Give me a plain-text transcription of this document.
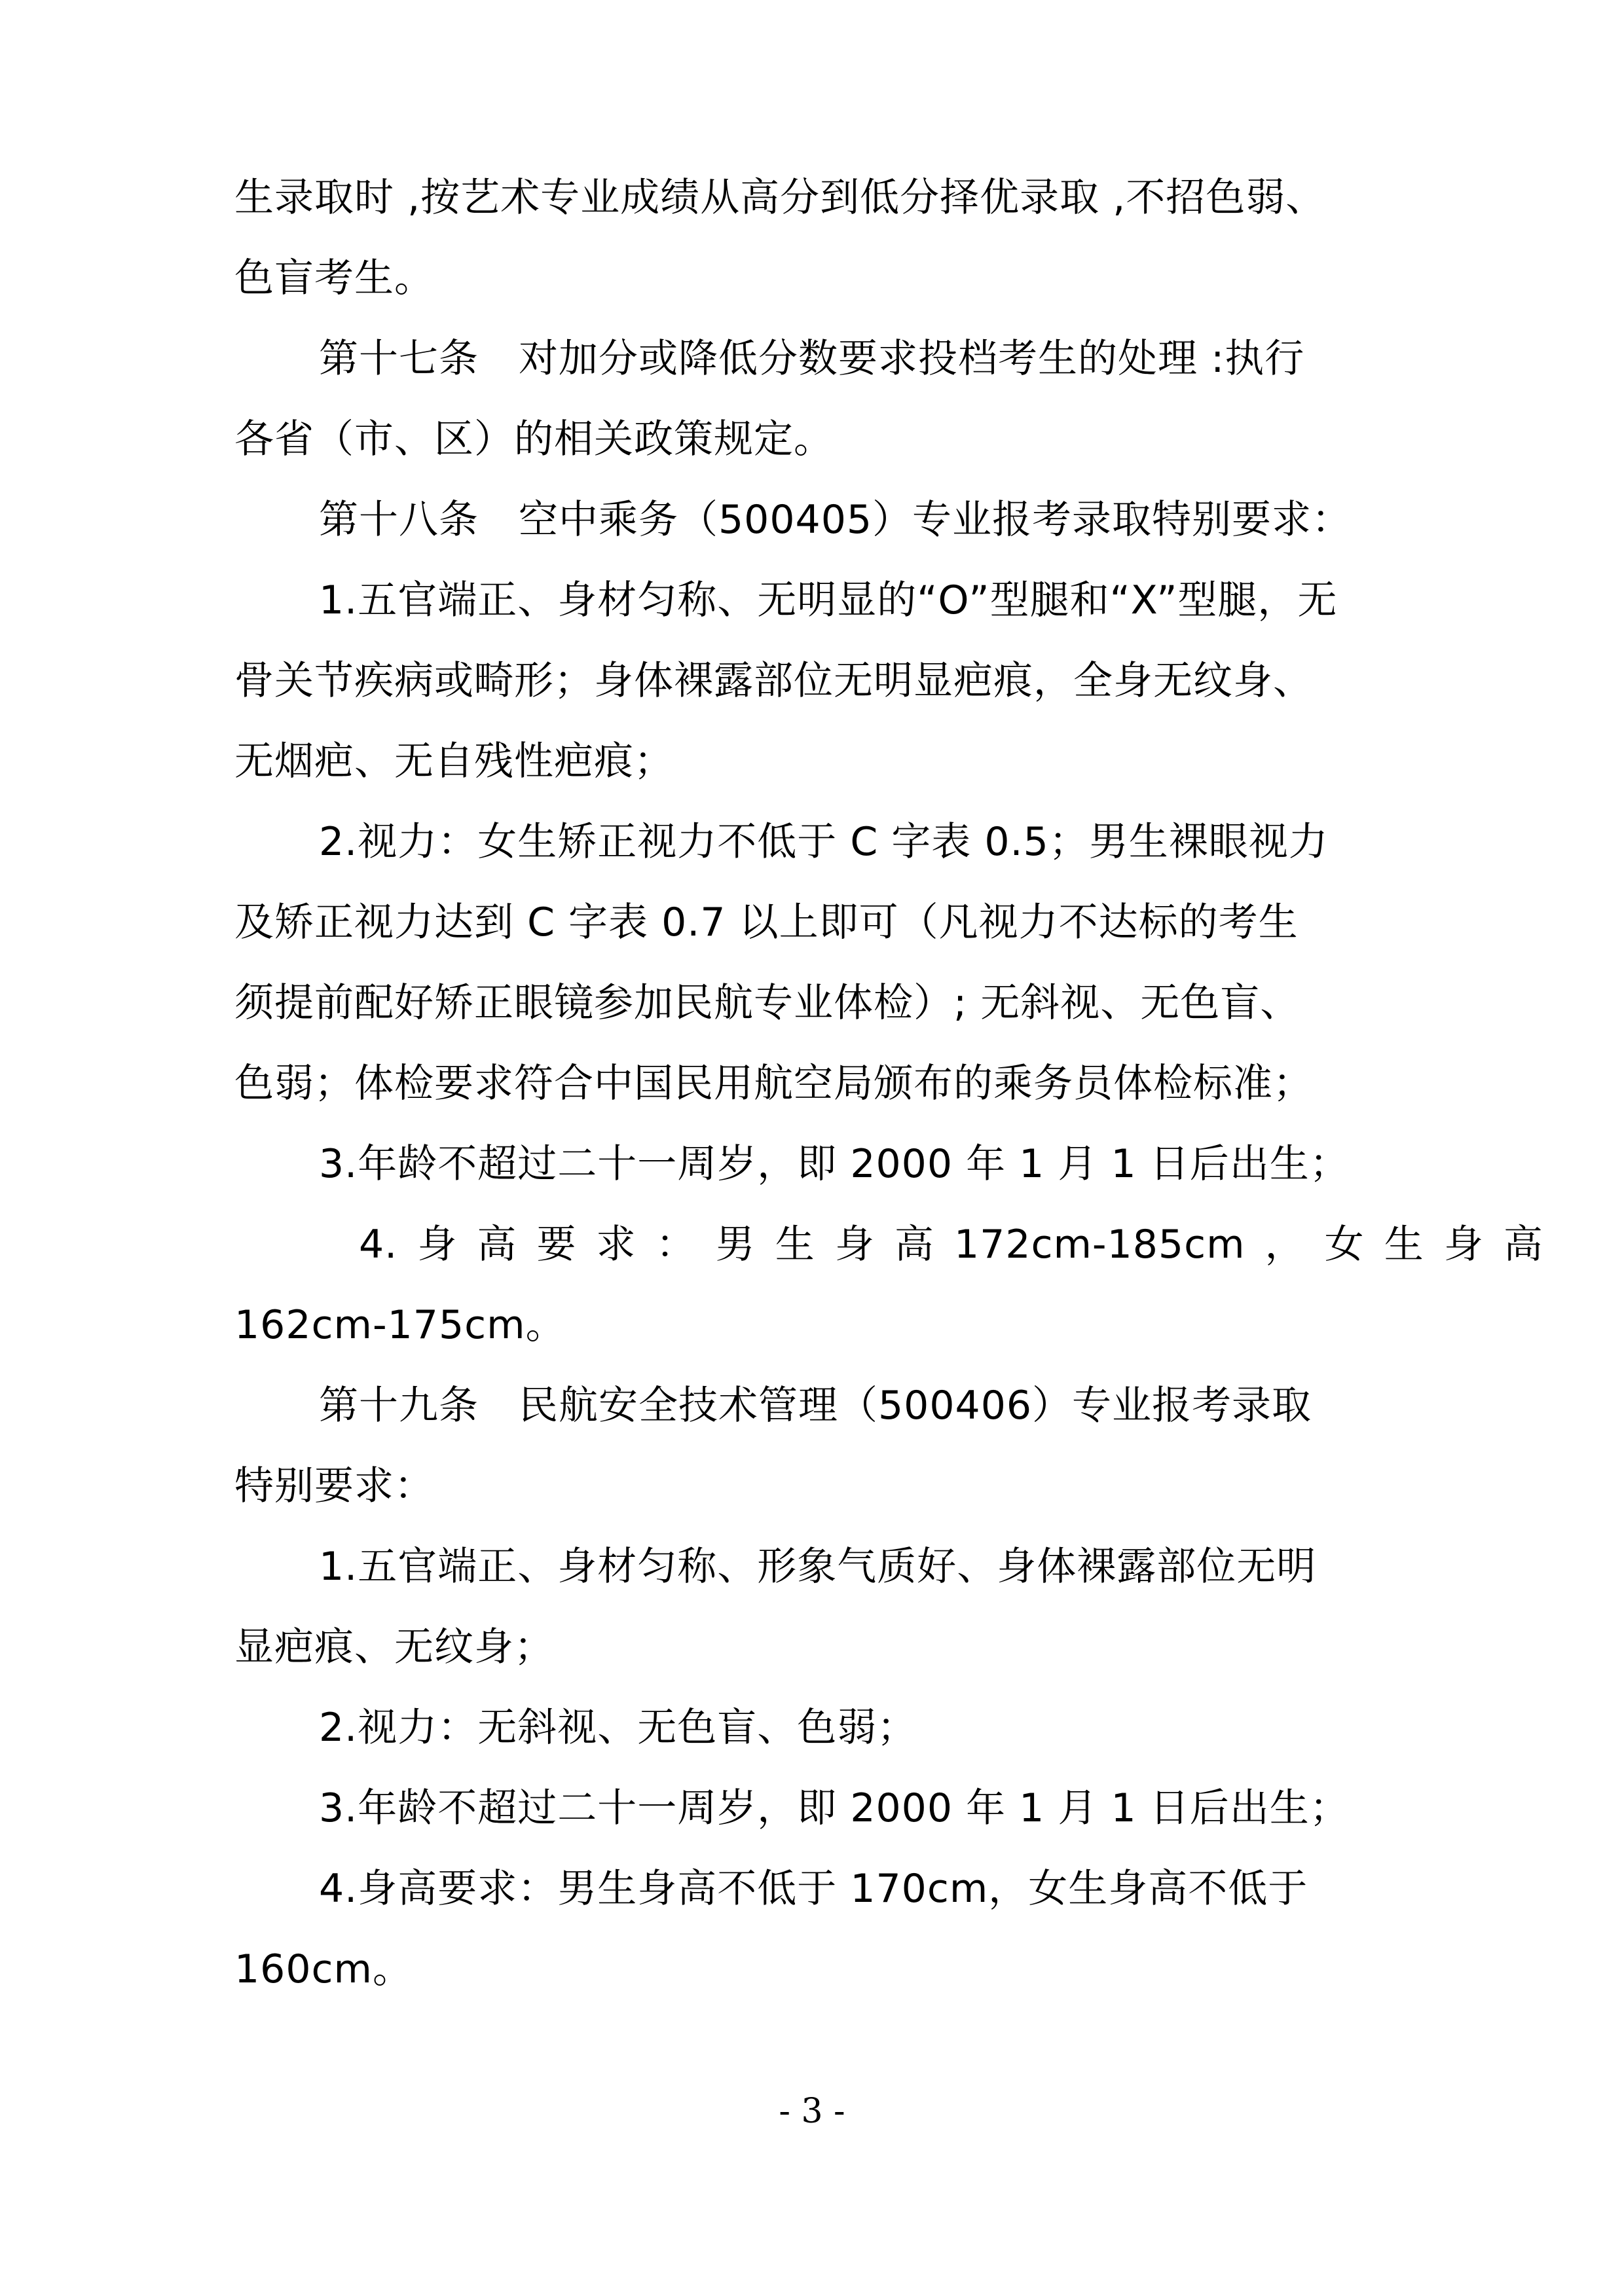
生录取时 ,按艺术专业成绩从高分到低分择优录取 ,不招色弱、
色盲考生。
第十七条　对加分或降低分数要求投档考生的处理 :执行
各省（市、区）的相关政策规定。
第十八条　空中乘务（500405）专业报考录取特别要求：
1.五官端正、身材匀称、无明显的“O”型腿和“X”型腿，无
骨关节疾病或畸形；身体裸露部位无明显疤痕，全身无纹身、
无烟疤、无自残性疤痕；
2.视力：女生矫正视力不低于 C 字表 0.5；男生裸眼视力
及矫正视力达到 C 字表 0.7 以上即可（凡视力不达标的考生
须提前配好矫正眼镜参加民航专业体检）; 无斜视、无色盲、
色弱；体检要求符合中国民用航空局颁布的乘务员体检标准；
3.年龄不超过二十一周岁，即 2000 年 1 月 1 日后出生；
4. 身 高 要 求 ： 男 生 身 高 172cm-185cm ， 女 生 身 高
162cm-175cm。
第十九条　民航安全技术管理（500406）专业报考录取
特别要求：
1.五官端正、身材匀称、形象气质好、身体裸露部位无明
显疤痕、无纹身；
2.视力：无斜视、无色盲、色弱；
3.年龄不超过二十一周岁，即 2000 年 1 月 1 日后出生；
4.身高要求：男生身高不低于 170cm，女生身高不低于
160cm。
- 3 -
